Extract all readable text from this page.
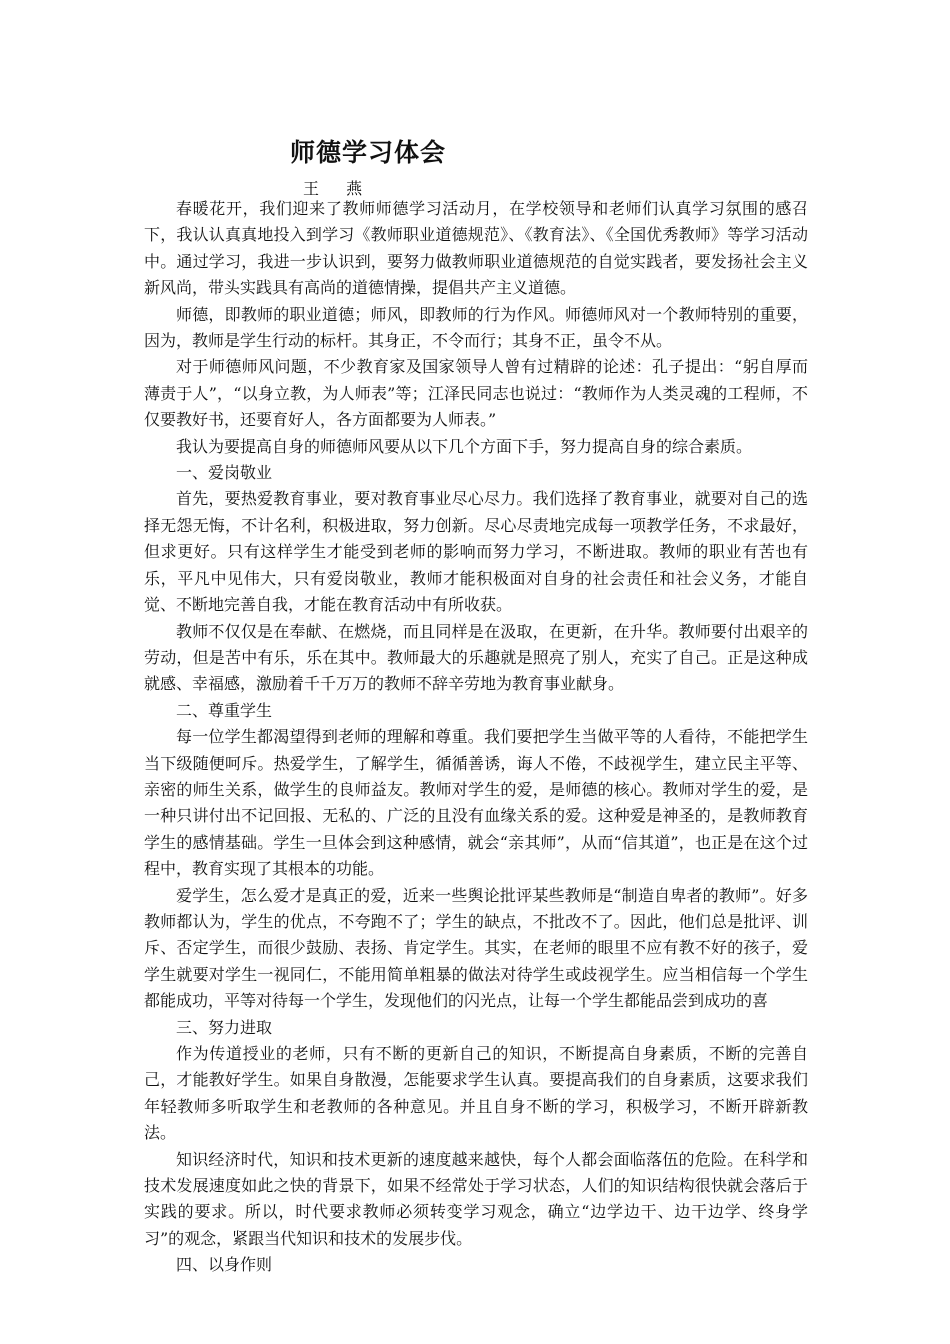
师德学习体会
王 燕

春暖花开，我们迎来了教师师德学习活动月，在学校领导和老师们认真学习氛围的感召下，我认认真真地投入到学习《教师职业道德规范》、《教育法》、《全国优秀教师》等学习活动中。通过学习，我进一步认识到，要努力做教师职业道德规范的自觉实践者，要发扬社会主义新风尚，带头实践具有高尚的道德情操，提倡共产主义道德。

师德，即教师的职业道德；师风，即教师的行为作风。师德师风对一个教师特别的重要，因为，教师是学生行动的标杆。其身正，不令而行；其身不正，虽令不从。

对于师德师风问题，不少教育家及国家领导人曾有过精辟的论述：孔子提出：“躬自厚而薄责于人”，“以身立教，为人师表”等；江泽民同志也说过：“教师作为人类灵魂的工程师，不仅要教好书，还要育好人，各方面都要为人师表。”

我认为要提高自身的师德师风要从以下几个方面下手，努力提高自身的综合素质。

一、爱岗敬业

首先，要热爱教育事业，要对教育事业尽心尽力。我们选择了教育事业，就要对自己的选择无怨无悔，不计名利，积极进取，努力创新。尽心尽责地完成每一项教学任务，不求最好，但求更好。只有这样学生才能受到老师的影响而努力学习，不断进取。教师的职业有苦也有乐，平凡中见伟大，只有爱岗敬业，教师才能积极面对自身的社会责任和社会义务，才能自觉、不断地完善自我，才能在教育活动中有所收获。

教师不仅仅是在奉献、在燃烧，而且同样是在汲取，在更新，在升华。教师要付出艰辛的劳动，但是苦中有乐，乐在其中。教师最大的乐趣就是照亮了别人，充实了自己。正是这种成就感、幸福感，激励着千千万万的教师不辞辛劳地为教育事业献身。

二、尊重学生

每一位学生都渴望得到老师的理解和尊重。我们要把学生当做平等的人看待，不能把学生当下级随便呵斥。热爱学生，了解学生，循循善诱，诲人不倦，不歧视学生，建立民主平等、亲密的师生关系，做学生的良师益友。教师对学生的爱，是师德的核心。教师对学生的爱，是一种只讲付出不记回报、无私的、广泛的且没有血缘关系的爱。这种爱是神圣的，是教师教育学生的感情基础。学生一旦体会到这种感情，就会“亲其师”，从而“信其道”，也正是在这个过程中，教育实现了其根本的功能。

爱学生，怎么爱才是真正的爱，近来一些舆论批评某些教师是“制造自卑者的教师”。好多教师都认为，学生的优点，不夸跑不了；学生的缺点，不批改不了。因此，他们总是批评、训斥、否定学生，而很少鼓励、表扬、肯定学生。其实，在老师的眼里不应有教不好的孩子，爱学生就要对学生一视同仁，不能用简单粗暴的做法对待学生或歧视学生。应当相信每一个学生都能成功，平等对待每一个学生，发现他们的闪光点，让每一个学生都能品尝到成功的喜

三、努力进取

作为传道授业的老师，只有不断的更新自己的知识，不断提高自身素质，不断的完善自己，才能教好学生。如果自身散漫，怎能要求学生认真。要提高我们的自身素质，这要求我们年轻教师多听取学生和老教师的各种意见。并且自身不断的学习，积极学习，不断开辟新教法。

知识经济时代，知识和技术更新的速度越来越快，每个人都会面临落伍的危险。在科学和技术发展速度如此之快的背景下，如果不经常处于学习状态，人们的知识结构很快就会落后于实践的要求。所以，时代要求教师必须转变学习观念，确立“边学边干、边干边学、终身学习”的观念，紧跟当代知识和技术的发展步伐。

四、以身作则
